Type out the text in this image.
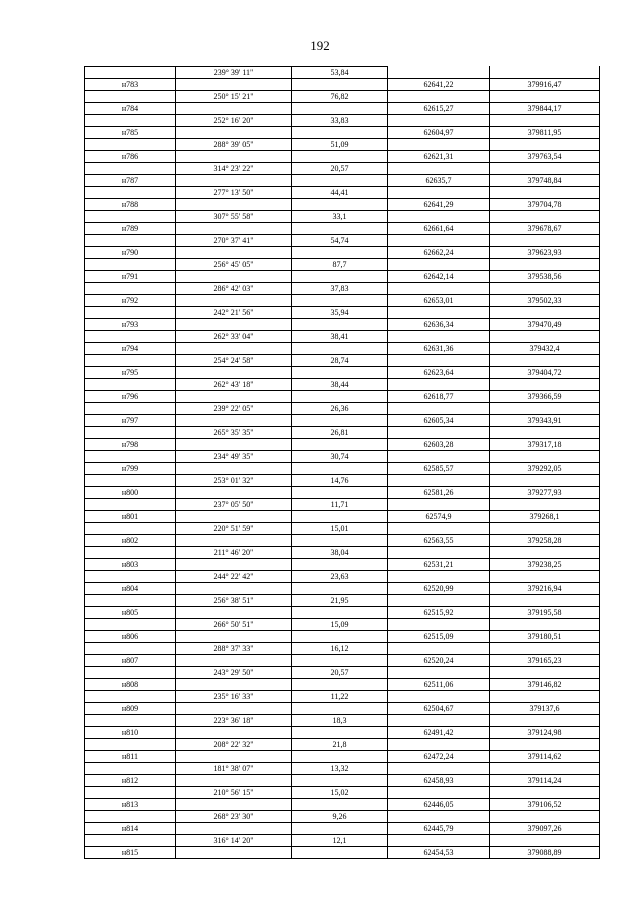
192
	239° 39' 11"	53,84		
н783			62641,22	379916,47
	250° 15' 21"	76,82		
н784			62615,27	379844,17
	252° 16' 20"	33,83		
н785			62604,97	379811,95
	288° 39' 05"	51,09		
н786			62621,31	379763,54
	314° 23' 22"	20,57		
н787			62635,7	379748,84
	277° 13' 50"	44,41		
н788			62641,29	379704,78
	307° 55' 58"	33,1		
н789			62661,64	379678,67
	270° 37' 41"	54,74		
н790			62662,24	379623,93
	256° 45' 05"	87,7		
н791			62642,14	379538,56
	286° 42' 03"	37,83		
н792			62653,01	379502,33
	242° 21' 56"	35,94		
н793			62636,34	379470,49
	262° 33' 04"	38,41		
н794			62631,36	379432,4
	254° 24' 58"	28,74		
н795			62623,64	379404,72
	262° 43' 18"	38,44		
н796			62618,77	379366,59
	239° 22' 05"	26,36		
н797			62605,34	379343,91
	265° 35' 35"	26,81		
н798			62603,28	379317,18
	234° 49' 35"	30,74		
н799			62585,57	379292,05
	253° 01' 32"	14,76		
н800			62581,26	379277,93
	237° 05' 50"	11,71		
н801			62574,9	379268,1
	220° 51' 59"	15,01		
н802			62563,55	379258,28
	211° 46' 20"	38,04		
н803			62531,21	379238,25
	244° 22' 42"	23,63		
н804			62520,99	379216,94
	256° 38' 51"	21,95		
н805			62515,92	379195,58
	266° 50' 51"	15,09		
н806			62515,09	379180,51
	288° 37' 33"	16,12		
н807			62520,24	379165,23
	243° 29' 50"	20,57		
н808			62511,06	379146,82
	235° 16' 33"	11,22		
н809			62504,67	379137,6
	223° 36' 18"	18,3		
н810			62491,42	379124,98
	208° 22' 32"	21,8		
н811			62472,24	379114,62
	181° 38' 07"	13,32		
н812			62458,93	379114,24
	210° 56' 15"	15,02		
н813			62446,05	379106,52
	268° 23' 30"	9,26		
н814			62445,79	379097,26
	316° 14' 20"	12,1		
н815			62454,53	379088,89
